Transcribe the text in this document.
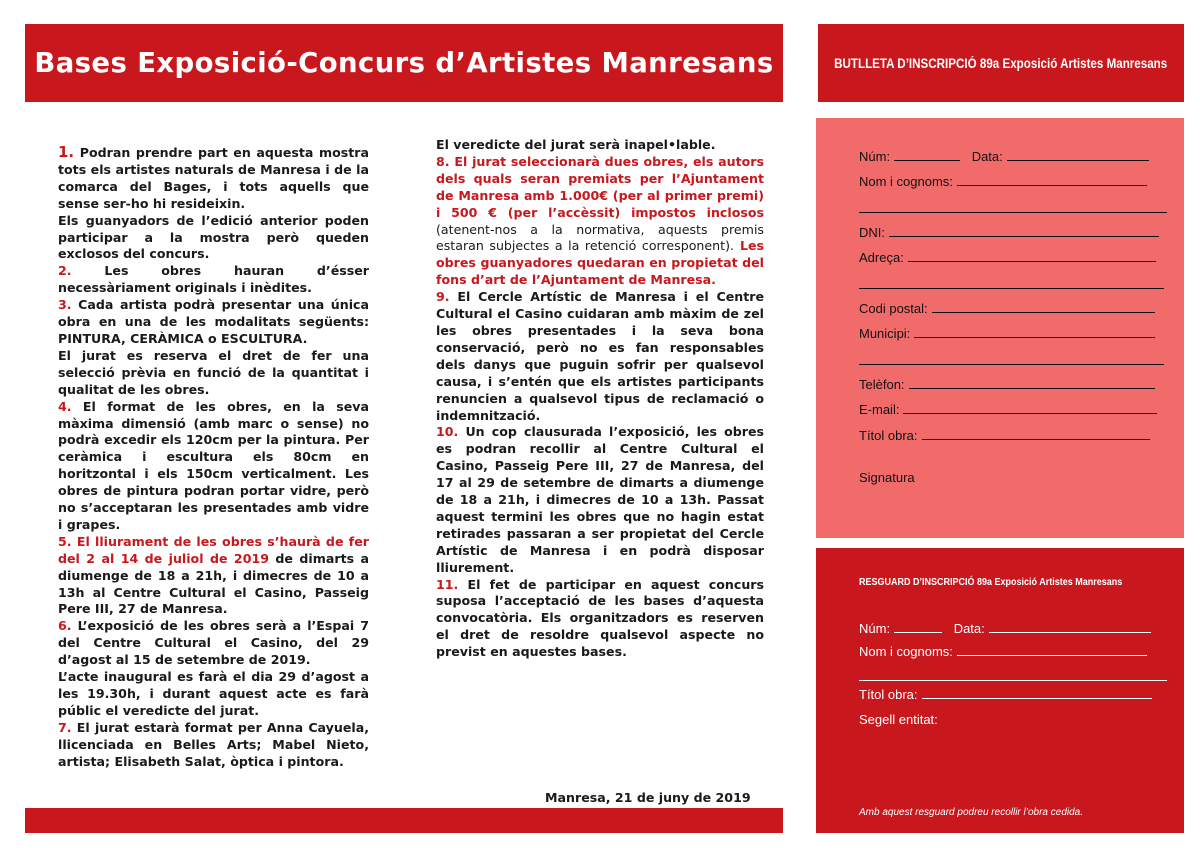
Bases Exposició-Concurs d’Artistes Manresans

1. Podran prendre part en aquesta mostra tots els artistes naturals de Manresa i de la comarca del Bages, i tots aquells que sense ser-ho hi resideixin.

Els guanyadors de l’edició anterior poden participar a la mostra però queden exclosos del concurs.

2.	Les obres hauran d’ésser necessàriament originals i inèdites.

3. Cada artista podrà presentar una única obra en una de les modalitats següents: PINTURA, CERÀMICA o ESCULTURA.

El jurat es reserva el dret de fer una selecció prèvia en funció de la quantitat i qualitat de les obres.

4. El format de les obres, en la seva màxima dimensió (amb marc o sense) no podrà excedir els 120cm per la pintura. Per ceràmica i escultura els 80cm en horitzontal i els 150cm verticalment. Les obres de pintura podran portar vidre, però no s’acceptaran les presentades amb vidre i grapes.

5. El lliurament de les obres s’haurà de fer del 2 al 14 de juliol de 2019 de dimarts a diumenge de 18 a 21h, i dimecres de 10 a 13h al Centre Cultural el Casino, Passeig Pere III, 27 de Manresa.

6. L’exposició de les obres serà a l’Espai 7 del Centre Cultural el Casino, del 29 d’agost al 15 de setembre de 2019.

L’acte inaugural es farà el dia 29 d’agost a les 19.30h, i durant aquest acte es farà públic el veredicte del jurat.

7. El jurat estarà format per Anna Cayuela, llicenciada en Belles Arts; Mabel Nieto, artista; Elisabeth Salat, òptica i pintora.

El veredicte del jurat serà inapel•lable.

8. El jurat seleccionarà dues obres, els autors dels quals seran premiats per l’Ajuntament de Manresa amb 1.000€ (per al primer premi) i 500 € (per l’accèssit) impostos inclosos (atenent-nos a la normativa, aquests premis estaran subjectes a la retenció corresponent). Les obres guanyadores quedaran en propietat del fons d’art de l’Ajuntament de Manresa.

9. El Cercle Artístic de Manresa i el Centre Cultural el Casino cuidaran amb màxim de zel les obres presentades i la seva bona conservació, però no es fan responsables dels danys que puguin sofrir per qualsevol causa, i s’entén que els artistes participants renuncien a qualsevol tipus de reclamació o indemnització.

10. Un cop clausurada l’exposició, les obres es podran recollir al Centre Cultural el Casino, Passeig Pere III, 27 de Manresa, del 17 al 29 de setembre de dimarts a diumenge de 18 a 21h, i dimecres de 10 a 13h. Passat aquest termini les obres que no hagin estat retirades passaran a ser propietat del Cercle Artístic de Manresa i en podrà disposar lliurement.

11. El fet de participar en aquest concurs suposa l’acceptació de les bases d’aquesta convocatòria. Els organitzadors es reserven el dret de resoldre qualsevol aspecte no previst en aquestes bases.

Manresa, 21 de juny de 2019
BUTLLETA D’INSCRIPCIÓ 89a Exposició Artistes Manresans
Núm:	Data:
Nom i cognoms:
DNI:
Adreça:
Codi postal:
Municipi:
Telèfon:
E-mail:
Títol obra:
Signatura
RESGUARD D’INSCRIPCIÓ 89a Exposició Artistes Manresans
Núm:	Data:
Nom i cognoms:
Títol obra:
Segell entitat:
Amb aquest resguard podreu recollir l’obra cedida.
